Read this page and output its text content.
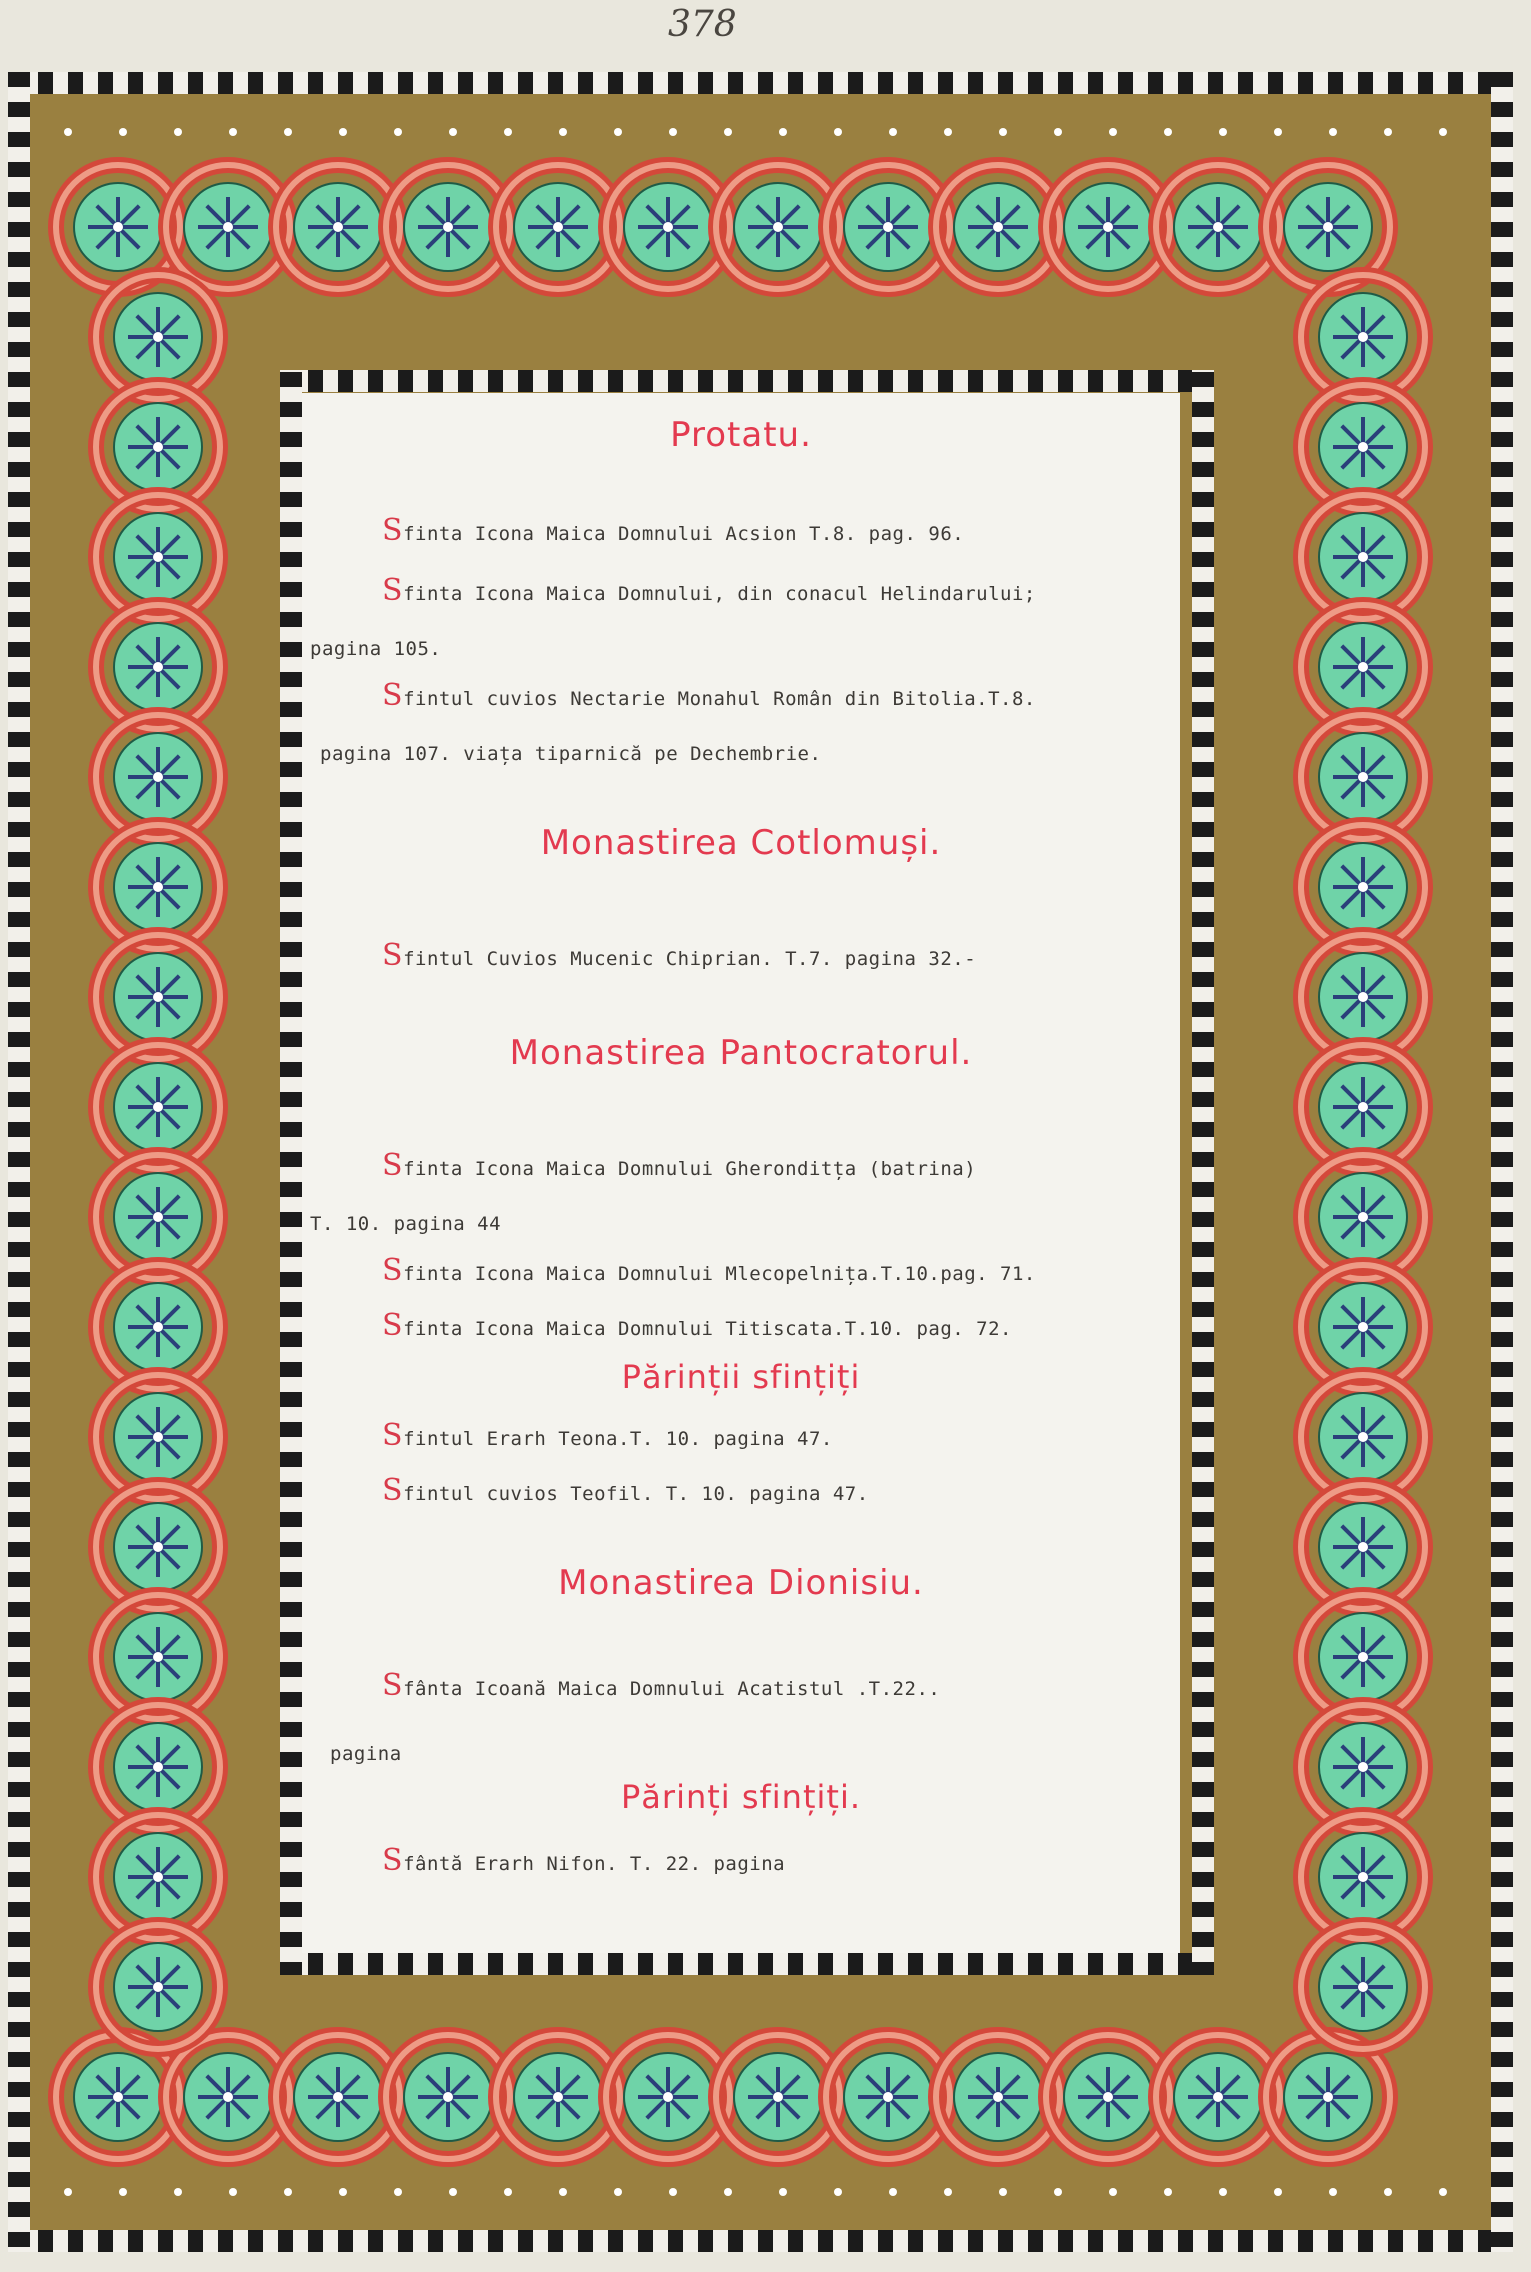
378
Protatu.
Sfinta Icona Maica Domnului Acsion T.8. pag. 96.
Sfinta Icona Maica Domnului, din conacul Helindarului;
pagina 105.
Sfintul cuvios Nectarie Monahul Român din Bitolia.T.8.
pagina 107. viața tiparnică pe Dechembrie.
Monastirea Cotlomuși.
Sfintul Cuvios Mucenic Chiprian. T.7. pagina 32.-
Monastirea Pantocratorul.
Sfinta Icona Maica Domnului Gheronditța (batrina)
T. 10. pagina 44
Sfinta Icona Maica Domnului Mlecopelnița.T.10.pag. 71.
Sfinta Icona Maica Domnului Titiscata.T.10. pag. 72.
Părinții sfințiți
Sfintul Erarh Teona.T. 10. pagina 47.
Sfintul cuvios Teofil. T. 10. pagina 47.
Monastirea Dionisiu.
Sfânta Icoană Maica Domnului Acatistul .T.22..
pagina
Părinți sfințiți.
Sfântă Erarh Nifon. T. 22. pagina
